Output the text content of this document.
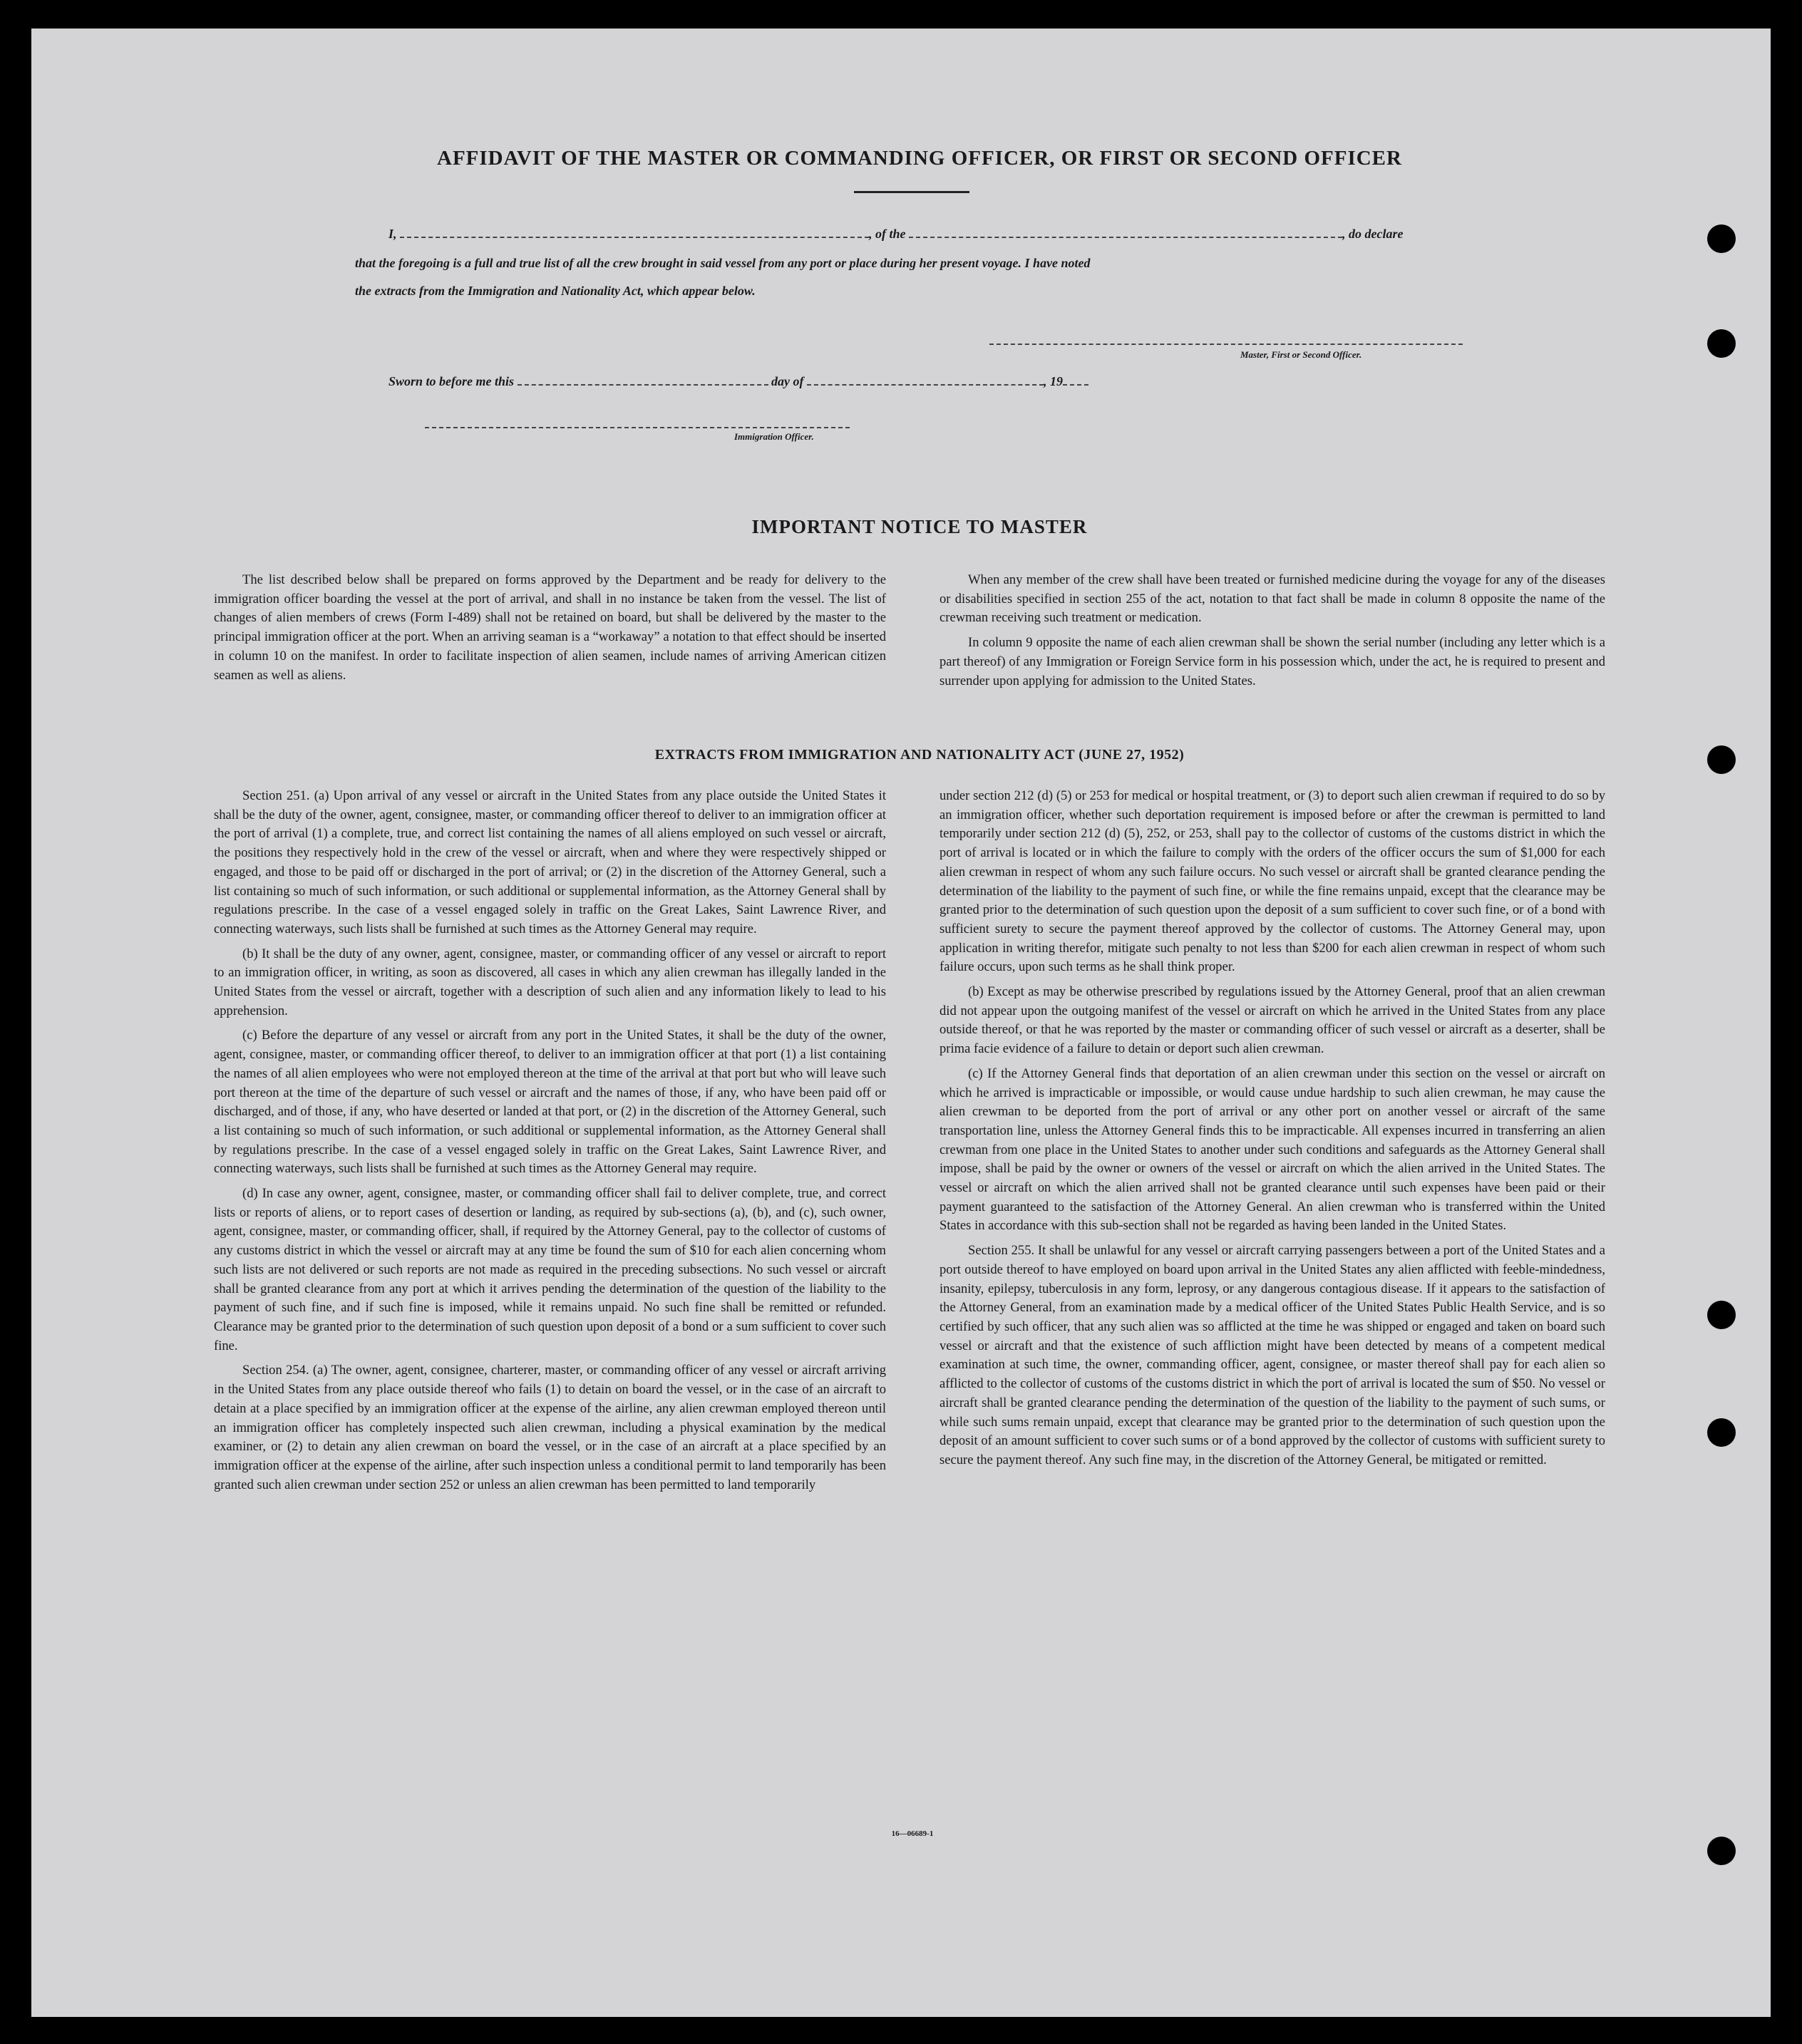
AFFIDAVIT OF THE MASTER OR COMMANDING OFFICER, OR FIRST OR SECOND OFFICER
I,	, of the	, do declare
that the foregoing is a full and true list of all the crew brought in said vessel from any port or place during her present voyage. I have noted
the extracts from the Immigration and Nationality Act, which appear below.
Master, First or Second Officer.
Sworn to before me this	day of	, 19
Immigration Officer.
IMPORTANT NOTICE TO MASTER

The list described below shall be prepared on forms approved by the Department and be ready for delivery to the immigration officer boarding the vessel at the port of arrival, and shall in no instance be taken from the vessel. The list of changes of alien members of crews (Form I-489) shall not be retained on board, but shall be delivered by the master to the principal immigration officer at the port. When an arriving seaman is a “workaway” a notation to that effect should be inserted in column 10 on the manifest. In order to facilitate inspection of alien seamen, include names of arriving American citizen seamen as well as aliens.

When any member of the crew shall have been treated or furnished medicine during the voyage for any of the diseases or disabilities specified in section 255 of the act, notation to that fact shall be made in column 8 opposite the name of the crewman receiving such treatment or medication.

In column 9 opposite the name of each alien crewman shall be shown the serial number (including any letter which is a part thereof) of any Immigration or Foreign Service form in his possession which, under the act, he is required to present and surrender upon applying for admission to the United States.

EXTRACTS FROM IMMIGRATION AND NATIONALITY ACT (JUNE 27, 1952)

Section 251. (a) Upon arrival of any vessel or aircraft in the United States from any place outside the United States it shall be the duty of the owner, agent, consignee, master, or commanding officer thereof to deliver to an immigration officer at the port of arrival (1) a complete, true, and correct list containing the names of all aliens employed on such vessel or aircraft, the positions they respectively hold in the crew of the vessel or aircraft, when and where they were respectively shipped or engaged, and those to be paid off or discharged in the port of arrival; or (2) in the discretion of the Attorney General, such a list containing so much of such information, or such additional or supplemental information, as the Attorney General shall by regulations prescribe. In the case of a vessel engaged solely in traffic on the Great Lakes, Saint Lawrence River, and connecting waterways, such lists shall be furnished at such times as the Attorney General may require.

(b) It shall be the duty of any owner, agent, consignee, master, or commanding officer of any vessel or aircraft to report to an immigration officer, in writing, as soon as discovered, all cases in which any alien crewman has illegally landed in the United States from the vessel or aircraft, together with a description of such alien and any information likely to lead to his apprehension.

(c) Before the departure of any vessel or aircraft from any port in the United States, it shall be the duty of the owner, agent, consignee, master, or commanding officer thereof, to deliver to an immigration officer at that port (1) a list containing the names of all alien employees who were not employed thereon at the time of the arrival at that port but who will leave such port thereon at the time of the departure of such vessel or aircraft and the names of those, if any, who have been paid off or discharged, and of those, if any, who have deserted or landed at that port, or (2) in the discretion of the Attorney General, such a list containing so much of such information, or such additional or supplemental information, as the Attorney General shall by regulations prescribe. In the case of a vessel engaged solely in traffic on the Great Lakes, Saint Lawrence River, and connecting waterways, such lists shall be furnished at such times as the Attorney General may require.

(d) In case any owner, agent, consignee, master, or commanding officer shall fail to deliver complete, true, and correct lists or reports of aliens, or to report cases of desertion or landing, as required by sub-sections (a), (b), and (c), such owner, agent, consignee, master, or commanding officer, shall, if required by the Attorney General, pay to the collector of customs of any customs district in which the vessel or aircraft may at any time be found the sum of $10 for each alien concerning whom such lists are not delivered or such reports are not made as required in the preceding subsections. No such vessel or aircraft shall be granted clearance from any port at which it arrives pending the determination of the question of the liability to the payment of such fine, and if such fine is imposed, while it remains unpaid. No such fine shall be remitted or refunded. Clearance may be granted prior to the determination of such question upon deposit of a bond or a sum sufficient to cover such fine.

Section 254. (a) The owner, agent, consignee, charterer, master, or commanding officer of any vessel or aircraft arriving in the United States from any place outside thereof who fails (1) to detain on board the vessel, or in the case of an aircraft to detain at a place specified by an immigration officer at the expense of the airline, any alien crewman employed thereon until an immigration officer has completely inspected such alien crewman, including a physical examination by the medical examiner, or (2) to detain any alien crewman on board the vessel, or in the case of an aircraft at a place specified by an immigration officer at the expense of the airline, after such inspection unless a conditional permit to land temporarily has been granted such alien crewman under section 252 or unless an alien crewman has been permitted to land temporarily

under section 212 (d) (5) or 253 for medical or hospital treatment, or (3) to deport such alien crewman if required to do so by an immigration officer, whether such deportation requirement is imposed before or after the crewman is permitted to land temporarily under section 212 (d) (5), 252, or 253, shall pay to the collector of customs of the customs district in which the port of arrival is located or in which the failure to comply with the orders of the officer occurs the sum of $1,000 for each alien crewman in respect of whom any such failure occurs. No such vessel or aircraft shall be granted clearance pending the determination of the liability to the payment of such fine, or while the fine remains unpaid, except that the clearance may be granted prior to the determination of such question upon the deposit of a sum sufficient to cover such fine, or of a bond with sufficient surety to secure the payment thereof approved by the collector of customs. The Attorney General may, upon application in writing therefor, mitigate such penalty to not less than $200 for each alien crewman in respect of whom such failure occurs, upon such terms as he shall think proper.

(b) Except as may be otherwise prescribed by regulations issued by the Attorney General, proof that an alien crewman did not appear upon the outgoing manifest of the vessel or aircraft on which he arrived in the United States from any place outside thereof, or that he was reported by the master or commanding officer of such vessel or aircraft as a deserter, shall be prima facie evidence of a failure to detain or deport such alien crewman.

(c) If the Attorney General finds that deportation of an alien crewman under this section on the vessel or aircraft on which he arrived is impracticable or impossible, or would cause undue hardship to such alien crewman, he may cause the alien crewman to be deported from the port of arrival or any other port on another vessel or aircraft of the same transportation line, unless the Attorney General finds this to be impracticable. All expenses incurred in transferring an alien crewman from one place in the United States to another under such conditions and safeguards as the Attorney General shall impose, shall be paid by the owner or owners of the vessel or aircraft on which the alien arrived in the United States. The vessel or aircraft on which the alien arrived shall not be granted clearance until such expenses have been paid or their payment guaranteed to the satisfaction of the Attorney General. An alien crewman who is transferred within the United States in accordance with this sub-section shall not be regarded as having been landed in the United States.

Section 255. It shall be unlawful for any vessel or aircraft carrying passengers between a port of the United States and a port outside thereof to have employed on board upon arrival in the United States any alien afflicted with feeble-mindedness, insanity, epilepsy, tuberculosis in any form, leprosy, or any dangerous contagious disease. If it appears to the satisfaction of the Attorney General, from an examination made by a medical officer of the United States Public Health Service, and is so certified by such officer, that any such alien was so afflicted at the time he was shipped or engaged and taken on board such vessel or aircraft and that the existence of such affliction might have been detected by means of a competent medical examination at such time, the owner, commanding officer, agent, consignee, or master thereof shall pay for each alien so afflicted to the collector of customs of the customs district in which the port of arrival is located the sum of $50. No vessel or aircraft shall be granted clearance pending the determination of the question of the liability to the payment of such sums, or while such sums remain unpaid, except that clearance may be granted prior to the determination of such question upon the deposit of an amount sufficient to cover such sums or of a bond approved by the collector of customs with sufficient surety to secure the payment thereof. Any such fine may, in the discretion of the Attorney General, be mitigated or remitted.

16—06689-1
